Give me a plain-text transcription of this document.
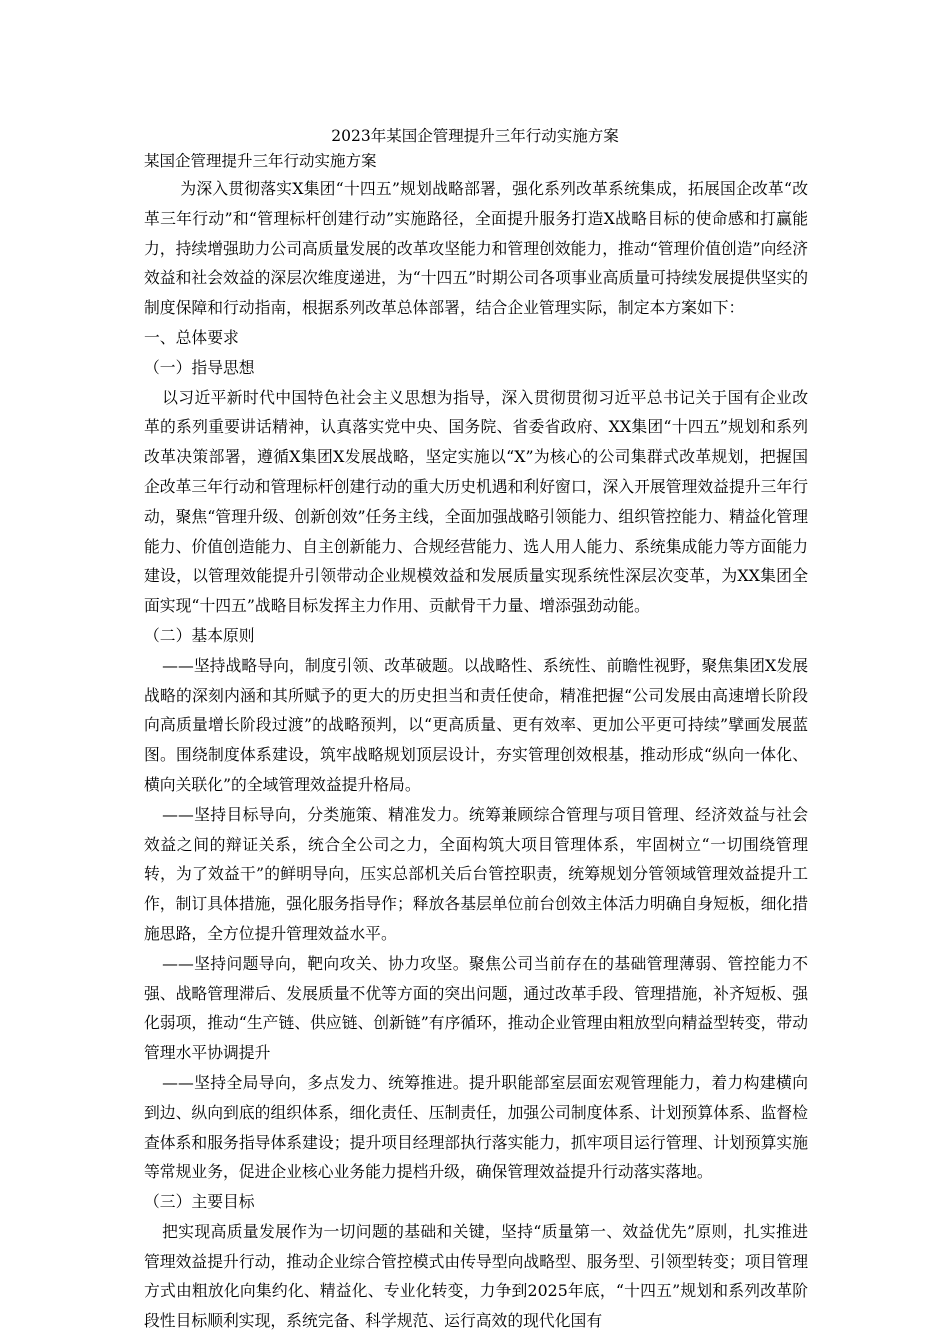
2023年某国企管理提升三年行动实施方案
某国企管理提升三年行动实施方案

为深入贯彻落实X集团“十四五”规划战略部署，强化系列改革系统集成，拓展国企改革“改革三年行动”和“管理标杆创建行动”实施路径，全面提升服务打造X战略目标的使命感和打赢能力，持续增强助力公司高质量发展的改革攻坚能力和管理创效能力，推动“管理价值创造”向经济效益和社会效益的深层次维度递进，为“十四五”时期公司各项事业高质量可持续发展提供坚实的制度保障和行动指南，根据系列改革总体部署，结合企业管理实际，制定本方案如下：

一、总体要求

（一）指导思想

以习近平新时代中国特色社会主义思想为指导，深入贯彻贯彻习近平总书记关于国有企业改革的系列重要讲话精神，认真落实党中央、国务院、省委省政府、XX集团“十四五”规划和系列改革决策部署，遵循X集团X发展战略，坚定实施以“X”为核心的公司集群式改革规划，把握国企改革三年行动和管理标杆创建行动的重大历史机遇和利好窗口，深入开展管理效益提升三年行动，聚焦“管理升级、创新创效”任务主线，全面加强战略引领能力、组织管控能力、精益化管理能力、价值创造能力、自主创新能力、合规经营能力、选人用人能力、系统集成能力等方面能力建设，以管理效能提升引领带动企业规模效益和发展质量实现系统性深层次变革，为XX集团全面实现“十四五”战略目标发挥主力作用、贡献骨干力量、增添强劲动能。

（二）基本原则

——坚持战略导向，制度引领、改革破题。以战略性、系统性、前瞻性视野，聚焦集团X发展战略的深刻内涵和其所赋予的更大的历史担当和责任使命，精准把握“公司发展由高速增长阶段向高质量增长阶段过渡”的战略预判，以“更高质量、更有效率、更加公平更可持续”擘画发展蓝图。围绕制度体系建设，筑牢战略规划顶层设计，夯实管理创效根基，推动形成“纵向一体化、横向关联化”的全域管理效益提升格局。

——坚持目标导向，分类施策、精准发力。统筹兼顾综合管理与项目管理、经济效益与社会效益之间的辩证关系，统合全公司之力，全面构筑大项目管理体系，牢固树立“一切围绕管理转，为了效益干”的鲜明导向，压实总部机关后台管控职责，统筹规划分管领域管理效益提升工作，制订具体措施，强化服务指导作；释放各基层单位前台创效主体活力明确自身短板，细化措施思路，全方位提升管理效益水平。

——坚持问题导向，靶向攻关、协力攻坚。聚焦公司当前存在的基础管理薄弱、管控能力不强、战略管理滞后、发展质量不优等方面的突出问题，通过改革手段、管理措施，补齐短板、强化弱项，推动“生产链、供应链、创新链”有序循环，推动企业管理由粗放型向精益型转变，带动管理水平协调提升

——坚持全局导向，多点发力、统筹推进。提升职能部室层面宏观管理能力，着力构建横向到边、纵向到底的组织体系，细化责任、压制责任，加强公司制度体系、计划预算体系、监督检查体系和服务指导体系建设；提升项目经理部执行落实能力，抓牢项目运行管理、计划预算实施等常规业务，促进企业核心业务能力提档升级，确保管理效益提升行动落实落地。

（三）主要目标

把实现高质量发展作为一切问题的基础和关键，坚持“质量第一、效益优先”原则，扎实推进管理效益提升行动，推动企业综合管控模式由传导型向战略型、服务型、引领型转变；项目管理方式由粗放化向集约化、精益化、专业化转变，力争到2025年底，“十四五”规划和系列改革阶段性目标顺利实现，系统完备、科学规范、运行高效的现代化国有
